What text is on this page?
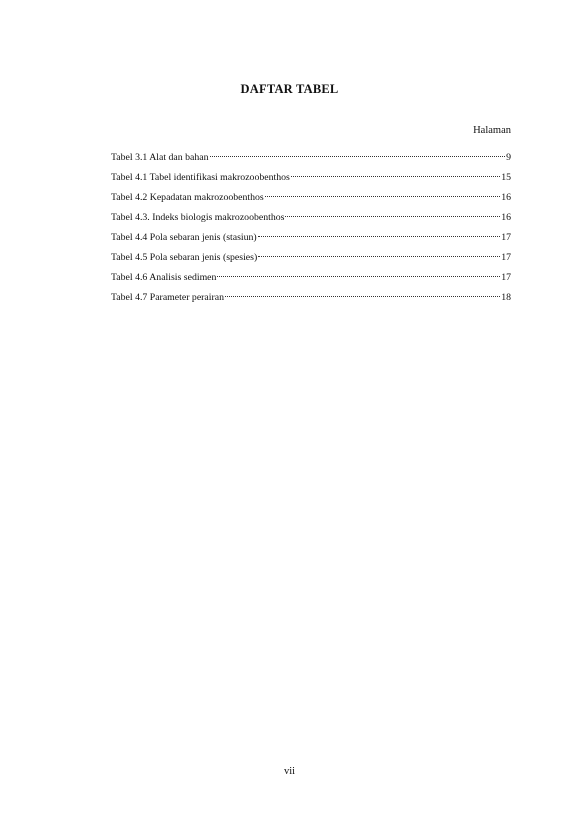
DAFTAR TABEL
Halaman
Tabel 3.1 Alat dan bahan	9
Tabel 4.1 Tabel identifikasi makrozoobenthos	15
Tabel 4.2 Kepadatan makrozoobenthos	16
Tabel 4.3. Indeks biologis makrozoobenthos	16
Tabel 4.4 Pola sebaran jenis (stasiun)	17
Tabel 4.5 Pola sebaran jenis (spesies)	17
Tabel 4.6 Analisis sedimen	17
Tabel 4.7 Parameter perairan	18
vii
